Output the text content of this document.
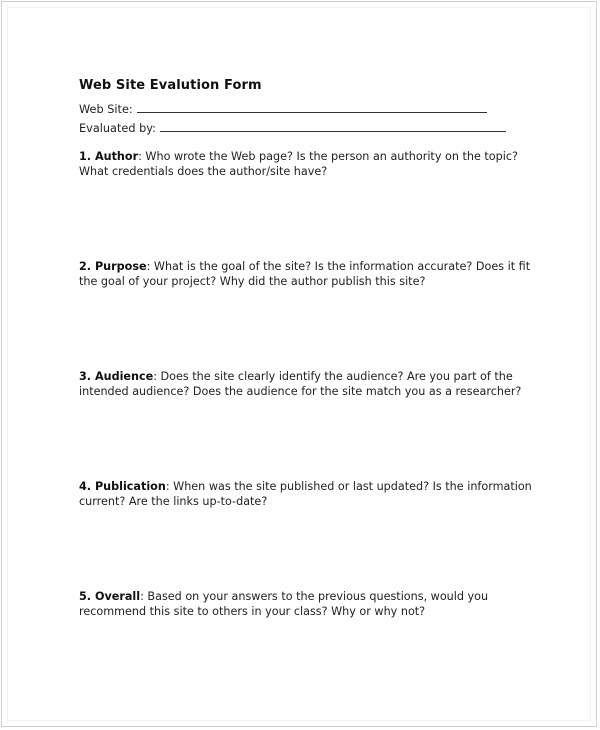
Web Site Evalution Form
Web Site:
Evaluated by:
1. Author: Who wrote the Web page? Is the person an authority on the topic? What credentials does the author/site have?
2. Purpose: What is the goal of the site? Is the information accurate? Does it fit the goal of your project? Why did the author publish this site?
3. Audience: Does the site clearly identify the audience? Are you part of the intended audience? Does the audience for the site match you as a researcher?
4. Publication: When was the site published or last updated? Is the information current? Are the links up-to-date?
5. Overall: Based on your answers to the previous questions, would you recommend this site to others in your class? Why or why not?
